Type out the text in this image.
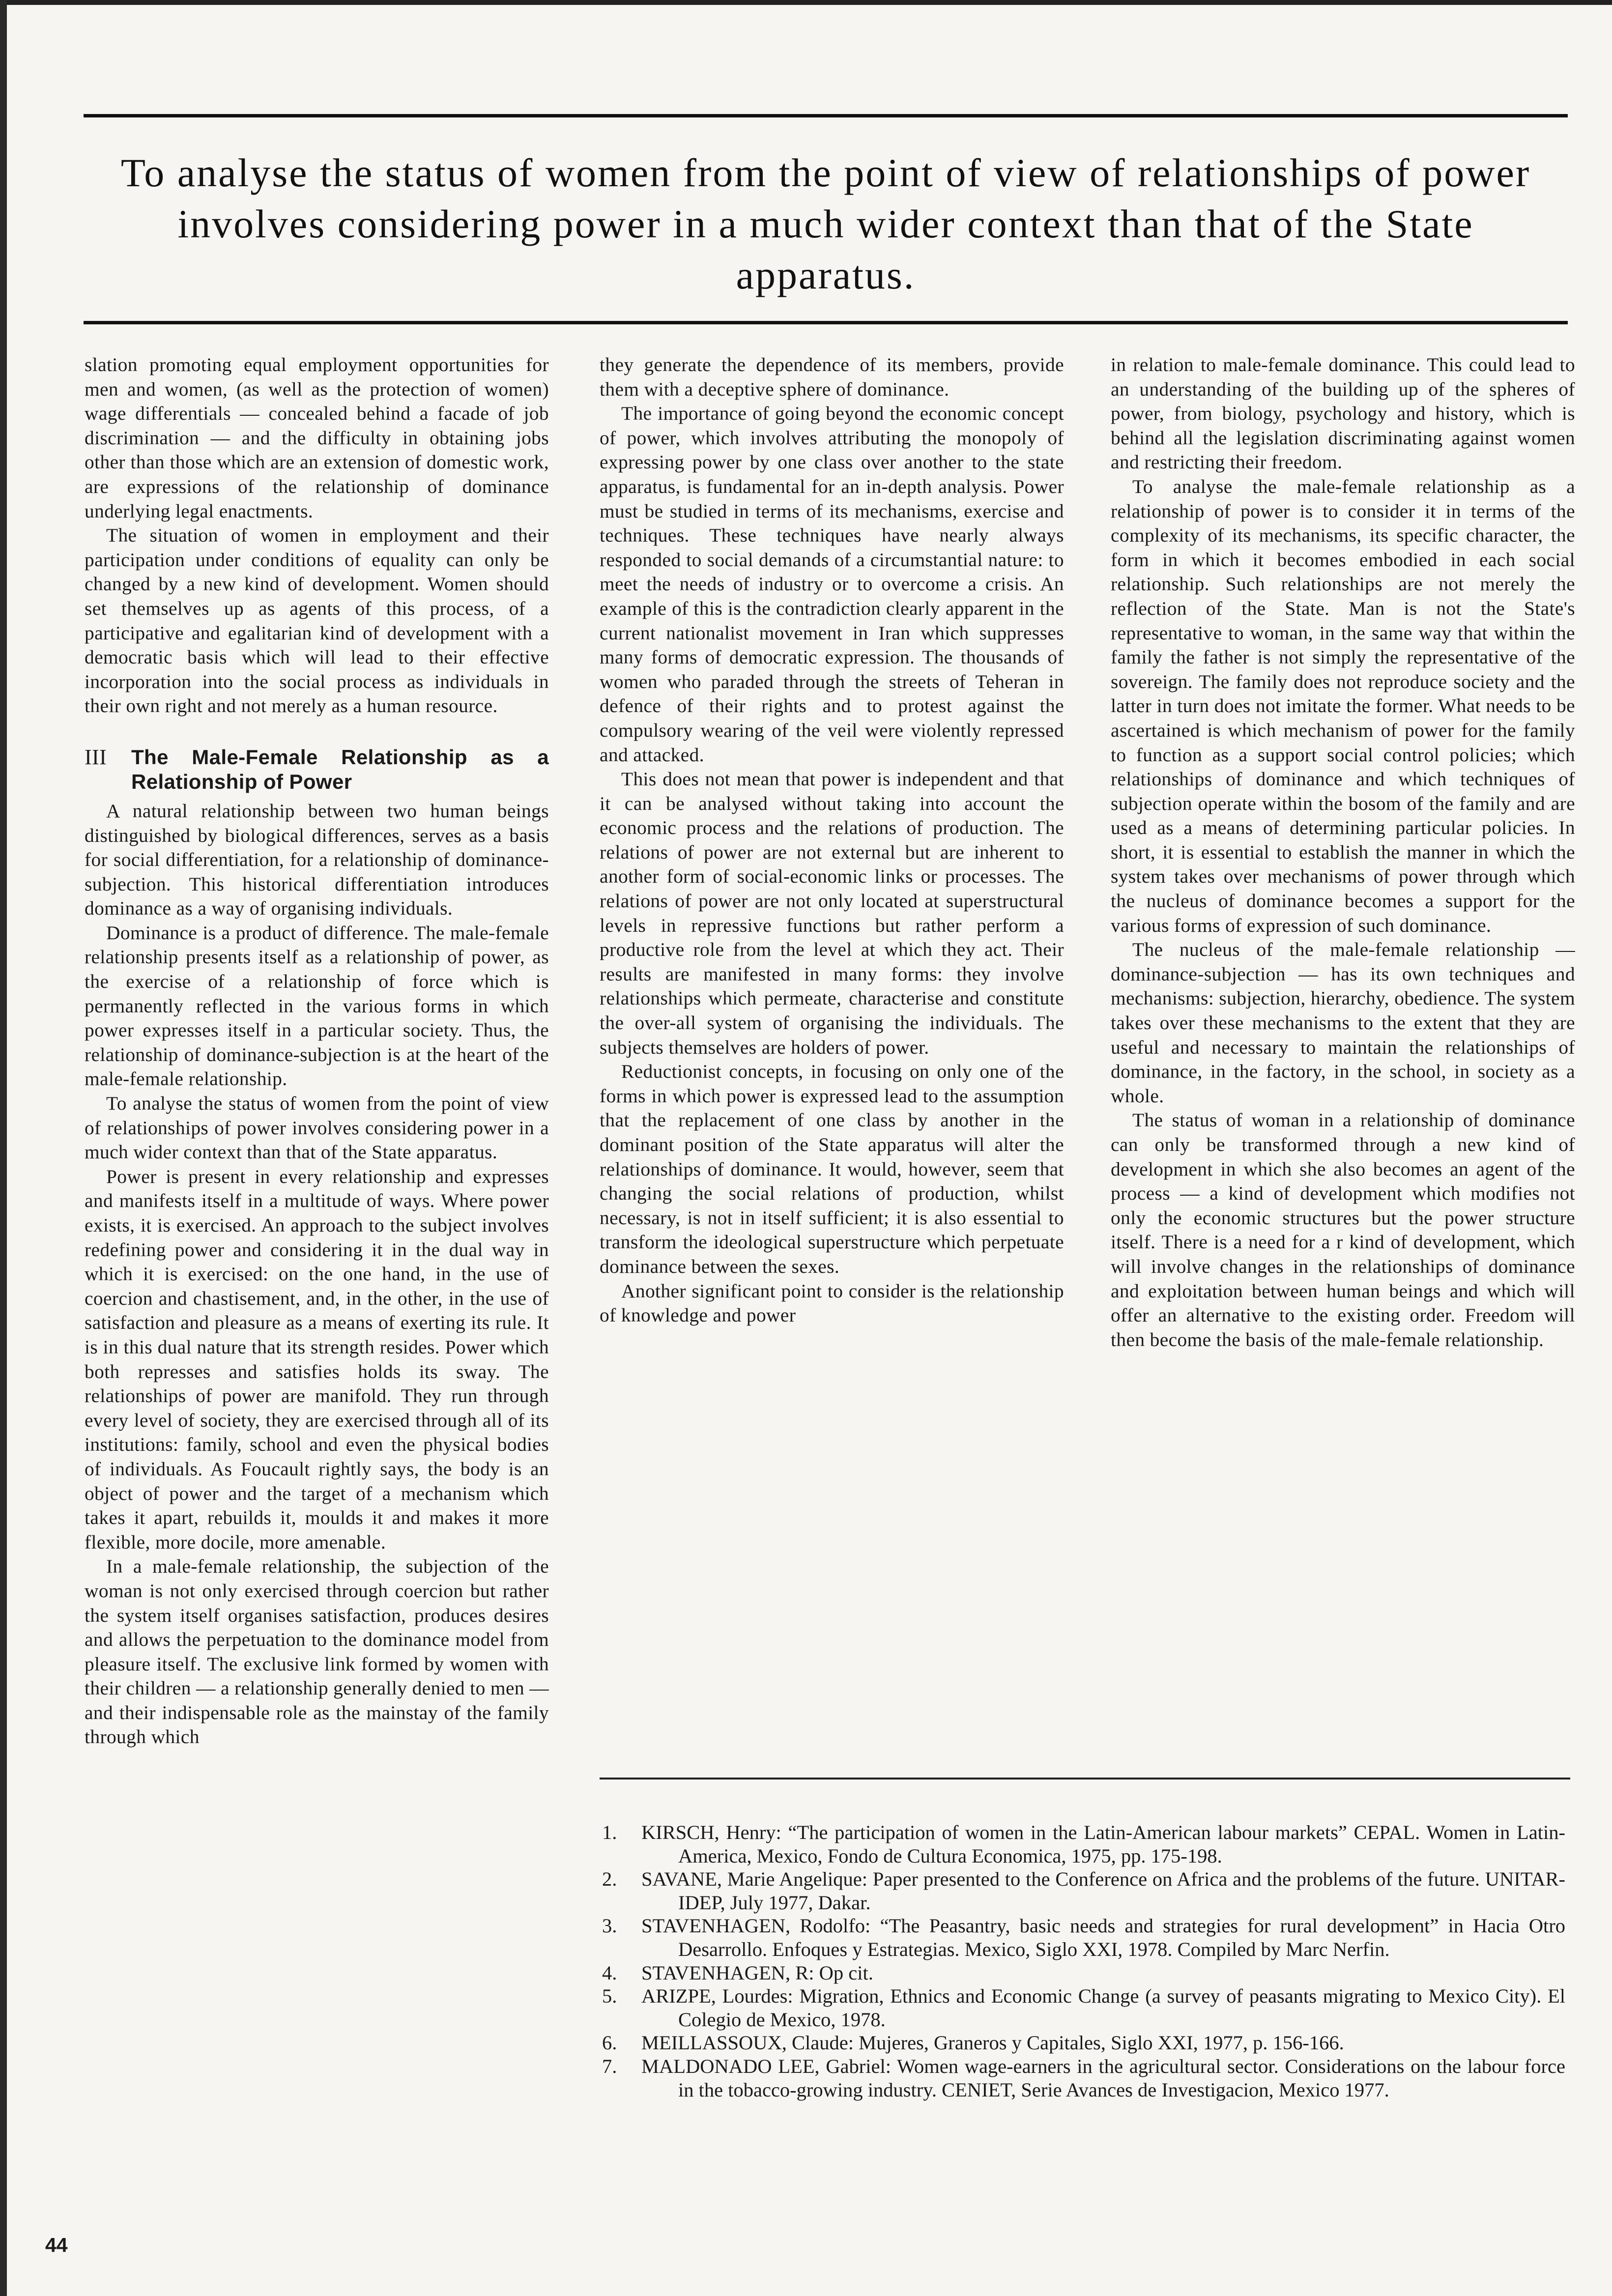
To analyse the status of women from the point of view of relationships of power involves considering power in a much wider context than that of the State apparatus.

slation promoting equal employment opportunities for men and women, (as well as the protection of women) wage differentials — concealed behind a facade of job discrimination — and the difficulty in obtaining jobs other than those which are an extension of domestic work, are expressions of the relationship of dominance underlying legal enactments.

The situation of women in employment and their participation under conditions of equality can only be changed by a new kind of development. Women should set themselves up as agents of this process, of a participative and egalitarian kind of development with a democratic basis which will lead to their effective incorporation into the social process as individuals in their own right and not merely as a human resource.

III	The Male-Female Relationship as a Relationship of Power

A natural relationship between two human beings distinguished by biological differences, serves as a basis for social differentiation, for a relationship of dominance-subjection. This historical differentiation introduces dominance as a way of organising individuals.

Dominance is a product of difference. The male-female relationship presents itself as a relationship of power, as the exercise of a relationship of force which is permanently reflected in the various forms in which power expresses itself in a particular society. Thus, the relationship of dominance-subjection is at the heart of the male-female relationship.

To analyse the status of women from the point of view of relationships of power involves considering power in a much wider context than that of the State apparatus.

Power is present in every relationship and expresses and manifests itself in a multitude of ways. Where power exists, it is exercised. An approach to the subject involves redefining power and considering it in the dual way in which it is exercised: on the one hand, in the use of coercion and chastisement, and, in the other, in the use of satisfaction and pleasure as a means of exerting its rule. It is in this dual nature that its strength resides. Power which both represses and satisfies holds its sway. The relationships of power are manifold. They run through every level of society, they are exercised through all of its institutions: family, school and even the physical bodies of individuals. As Foucault rightly says, the body is an object of power and the target of a mechanism which takes it apart, rebuilds it, moulds it and makes it more flexible, more docile, more amenable.

In a male-female relationship, the subjection of the woman is not only exercised through coercion but rather the system itself organises satisfaction, produces desires and allows the perpetuation to the dominance model from pleasure itself. The exclusive link formed by women with their children — a relationship generally denied to men — and their indispensable role as the mainstay of the family through which

they generate the dependence of its members, provide them with a deceptive sphere of dominance.

The importance of going beyond the economic concept of power, which involves attributing the monopoly of expressing power by one class over another to the state apparatus, is fundamental for an in-depth analysis. Power must be studied in terms of its mechanisms, exercise and techniques. These techniques have nearly always responded to social demands of a circumstantial nature: to meet the needs of industry or to overcome a crisis. An example of this is the contradiction clearly apparent in the current nationalist movement in Iran which suppresses many forms of democratic expression. The thousands of women who paraded through the streets of Teheran in defence of their rights and to protest against the compulsory wearing of the veil were violently repressed and attacked.

This does not mean that power is independent and that it can be analysed without taking into account the economic process and the relations of production. The relations of power are not external but are inherent to another form of social-economic links or processes. The relations of power are not only located at superstructural levels in repressive functions but rather perform a productive role from the level at which they act. Their results are manifested in many forms: they involve relationships which permeate, characterise and constitute the over-all system of organising the individuals. The subjects themselves are holders of power.

Reductionist concepts, in focusing on only one of the forms in which power is expressed lead to the assumption that the replacement of one class by another in the dominant position of the State apparatus will alter the relationships of dominance. It would, however, seem that changing the social relations of production, whilst necessary, is not in itself sufficient; it is also essential to transform the ideological superstructure which perpetuate dominance between the sexes.

Another significant point to consider is the relationship of knowledge and power

in relation to male-female dominance. This could lead to an understanding of the building up of the spheres of power, from biology, psychology and history, which is behind all the legislation discriminating against women and restricting their freedom.

To analyse the male-female relationship as a relationship of power is to consider it in terms of the complexity of its mechanisms, its specific character, the form in which it becomes embodied in each social relationship. Such relationships are not merely the reflection of the State. Man is not the State's representative to woman, in the same way that within the family the father is not simply the representative of the sovereign. The family does not reproduce society and the latter in turn does not imitate the former. What needs to be ascertained is which mechanism of power for the family to function as a support social control policies; which relationships of dominance and which techniques of subjection operate within the bosom of the family and are used as a means of determining particular policies. In short, it is essential to establish the manner in which the system takes over mechanisms of power through which the nucleus of dominance becomes a support for the various forms of expression of such dominance.

The nucleus of the male-female relationship — dominance-subjection — has its own techniques and mechanisms: subjection, hierarchy, obedience. The system takes over these mechanisms to the extent that they are useful and necessary to maintain the relationships of dominance, in the factory, in the school, in society as a whole.

The status of woman in a relationship of dominance can only be transformed through a new kind of development in which she also becomes an agent of the process — a kind of development which modifies not only the economic structures but the power structure itself. There is a need for a r kind of development, which will involve changes in the relationships of dominance and exploitation between human beings and which will offer an alternative to the existing order. Freedom will then become the basis of the male-female relationship.

1.	KIRSCH, Henry: “The participation of women in the Latin-American labour markets” CEPAL. Women in Latin-America, Mexico, Fondo de Cultura Economica, 1975, pp. 175-198.
2.	SAVANE, Marie Angelique: Paper presented to the Conference on Africa and the problems of the future. UNITAR-IDEP, July 1977, Dakar.
3.	STAVENHAGEN, Rodolfo: “The Peasantry, basic needs and strategies for rural development” in Hacia Otro Desarrollo. Enfoques y Estrategias. Mexico, Siglo XXI, 1978. Compiled by Marc Nerfin.
4.	STAVENHAGEN, R: Op cit.
5.	ARIZPE, Lourdes: Migration, Ethnics and Economic Change (a survey of peasants migrating to Mexico City). El Colegio de Mexico, 1978.
6.	MEILLASSOUX, Claude: Mujeres, Graneros y Capitales, Siglo XXI, 1977, p. 156-166.
7.	MALDONADO LEE, Gabriel: Women wage-earners in the agricultural sector. Considerations on the labour force in the tobacco-growing industry. CENIET, Serie Avances de Investigacion, Mexico 1977.
44
